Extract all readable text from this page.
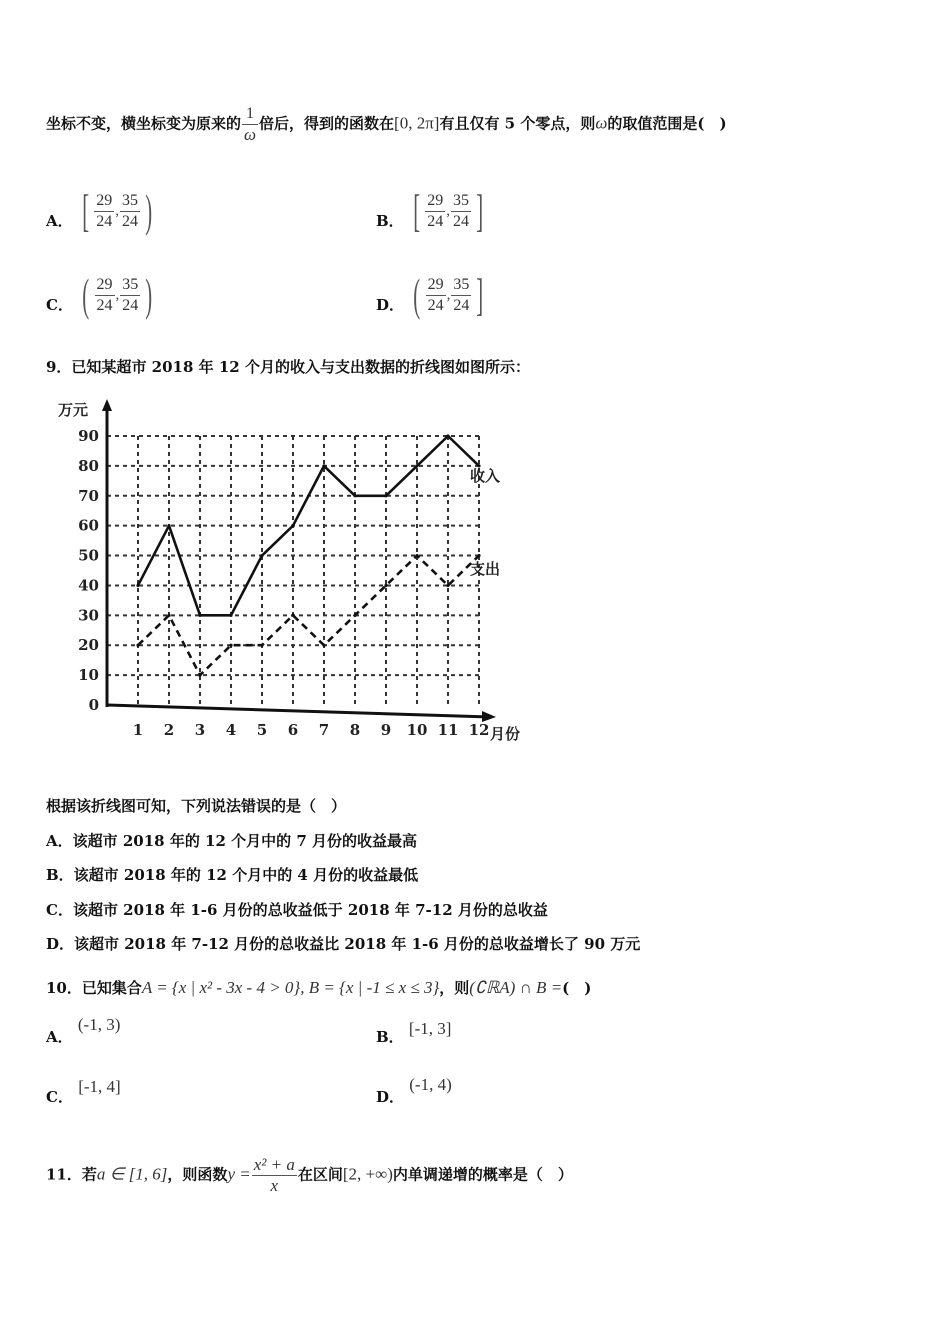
坐标不变，横坐标变为原来的 $\frac{1}{\omega}$ 倍后，得到的函数在[0, 2π]有且仅有 5 个零点，则ω的取值范围是(　)
A． [ $\frac{29}{24}$ , $\frac{35}{24}$ )	B． [ $\frac{29}{24}$ , $\frac{35}{24}$ ]
C． ( $\frac{29}{24}$ , $\frac{35}{24}$ )	D． ( $\frac{29}{24}$ , $\frac{35}{24}$ ]
9．已知某超市 2018 年 12 个月的收入与支出数据的折线图如图所示：
0
10
20
30
40
50
60
70
80
90
1 2 3 4 5 6 7 8 9 10 11 12
万元
月份
收入
支出
根据该折线图可知，下列说法错误的是（　）
A．该超市 2018 年的 12 个月中的 7 月份的收益最高
B．该超市 2018 年的 12 个月中的 4 月份的收益最低
C．该超市 2018 年 1-6 月份的总收益低于 2018 年 7-12 月份的总收益
D．该超市 2018 年 7-12 月份的总收益比 2018 年 1-6 月份的总收益增长了 90 万元
10．已知集合A = {x | x² - 3x - 4 > 0}, B = {x | -1 ≤ x ≤ 3}，则(∁ℝA) ∩ B =(　)
A． (-1, 3)
B． [-1, 3]
C． [-1, 4]
D． (-1, 4)
11．若a ∈ [1, 6]，则函数$y = \frac{\text{x² + a}}{x}$ 在区间[2, +∞)内单调递增的概率是（　）
